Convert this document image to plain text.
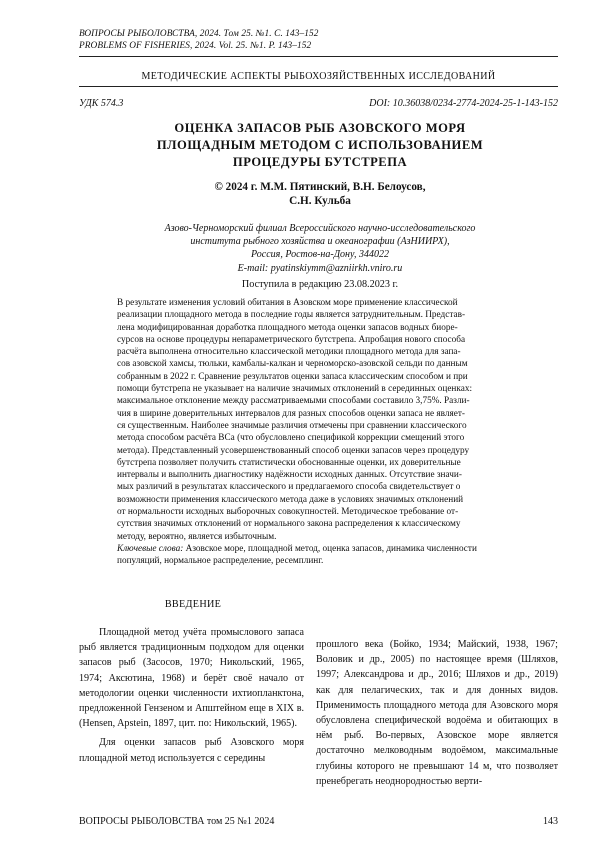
ВОПРОСЫ РЫБОЛОВСТВА, 2024. Том 25. №1. С. 143–152
PROBLEMS OF FISHERIES, 2024. Vol. 25. №1. P. 143–152
МЕТОДИЧЕСКИЕ АСПЕКТЫ РЫБОХОЗЯЙСТВЕННЫХ ИССЛЕДОВАНИЙ
УДК 574.3	DOI: 10.36038/0234-2774-2024-25-1-143-152
ОЦЕНКА ЗАПАСОВ РЫБ АЗОВСКОГО МОРЯ
ПЛОЩАДНЫМ МЕТОДОМ С ИСПОЛЬЗОВАНИЕМ
ПРОЦЕДУРЫ БУТСТРЕПА
© 2024 г. М.М. Пятинский, В.Н. Белоусов,
С.Н. Кульба
Азово-Черноморский филиал Всероссийского научно-исследовательского
института рыбного хозяйства и океанографии (АзНИИРХ),
Россия, Ростов-на-Дону, 344022
E-mail: pyatinskiymm@azniirkh.vniro.ru
Поступила в редакцию 23.08.2023 г.

В результате изменения условий обитания в Азовском море применение классической

реализации площадного метода в последние годы является затруднительным. Представ-

лена модифицированная доработка площадного метода оценки запасов водных биоре-

сурсов на основе процедуры непараметрического бутстрепа. Апробация нового способа

расчёта выполнена относительно классической методики площадного метода для запа-

сов азовской хамсы, тюльки, камбалы-калкан и черноморско-азовской сельди по данным

собранным в 2022 г. Сравнение результатов оценки запаса классическим способом и при

помощи бутстрепа не указывает на наличие значимых отклонений в серединных оценках:

максимальное отклонение между рассматриваемыми способами составило 3,75%. Разли-

чия в ширине доверительных интервалов для разных способов оценки запаса не являет-

ся существенным. Наиболее значимые различия отмечены при сравнении классического

метода способом расчёта ВСа (что обусловлено спецификой коррекции смещений этого

метода). Представленный усовершенствованный способ оценки запасов через процедуру

бутстрепа позволяет получить статистически обоснованные оценки, их доверительные

интервалы и выполнить диагностику надёжности исходных данных. Отсутствие значи-

мых различий в результатах классического и предлагаемого способа свидетельствует о

возможности применения классического метода даже в условиях значимых отклонений

от нормальности исходных выборочных совокупностей. Методическое требование от-

сутствия значимых отклонений от нормального закона распределения к классическому

методу, вероятно, является избыточным.

Ключевые слова: Азовское море, площадной метод, оценка запасов, динамика численности

популяций, нормальное распределение, ресемплинг.

ВВЕДЕНИЕ

Площадной метод учёта промыслового запаса рыб является традиционным подходом для оценки запасов рыб (Засосов, 1970; Никольский, 1965, 1974; Аксютина, 1968) и берёт своё начало от методологии оценки численности ихтиопланктона, предложенной Гензеном и Апштейном еще в XIX в. (Hensen, Apstein, 1897, цит. по: Никольский, 1965).

Для оценки запасов рыб Азовского моря площадной метод используется с середины

прошлого века (Бойко, 1934; Майский, 1938, 1967; Воловик и др., 2005) по настоящее время (Шляхов, 1997; Александрова и др., 2016; Шляхов и др., 2019) как для пелагических, так и для донных видов. Применимость площадного метода для Азовского моря обусловлена специфической водоёма и обитающих в нём рыб. Во-первых, Азовское море является достаточно мелководным водоёмом, максимальные глубины которого не превышают 14 м, что позволяет пренебрегать неоднородностью верти-

ВОПРОСЫ РЫБОЛОВСТВА том 25 №1 2024	143
